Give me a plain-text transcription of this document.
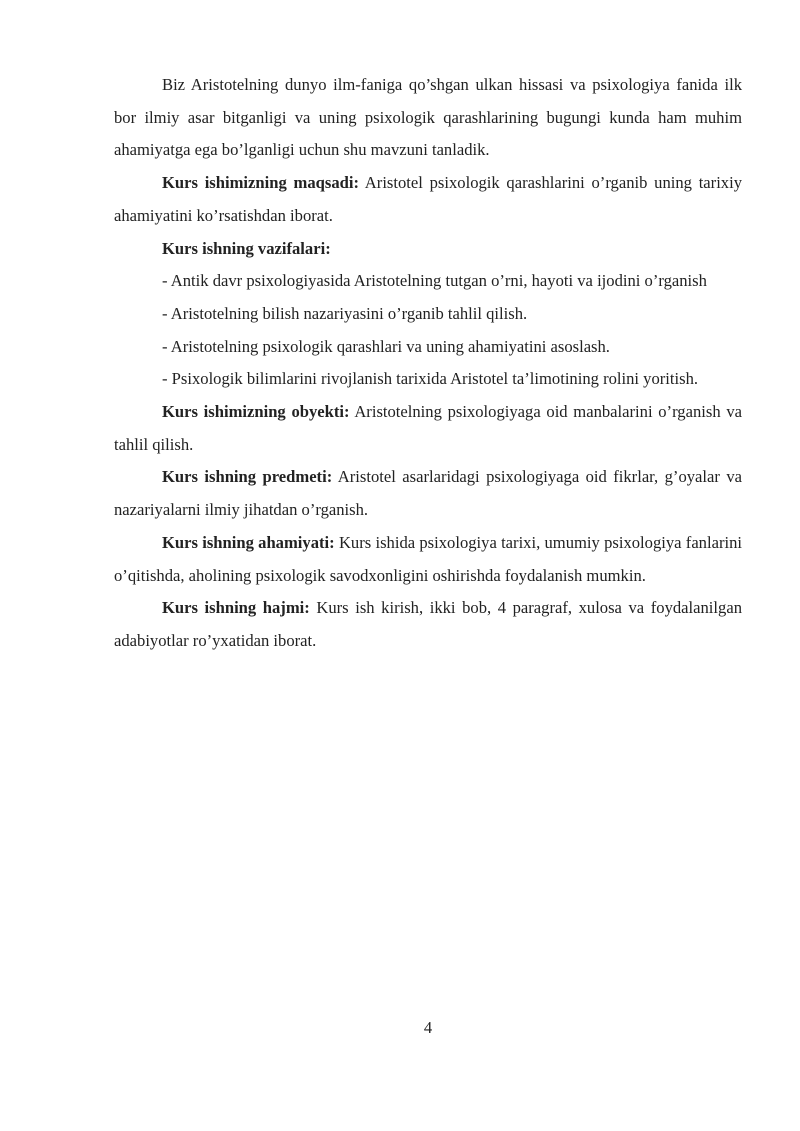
Biz Aristotelning dunyo ilm-faniga qo’shgan ulkan hissasi va psixologiya fanida ilk bor ilmiy asar bitganligi va uning psixologik qarashlarining bugungi kunda ham muhim ahamiyatga ega bo’lganligi uchun shu mavzuni tanladik.

Kurs ishimizning maqsadi: Aristotel psixologik qarashlarini o’rganib uning tarixiy ahamiyatini ko’rsatishdan iborat.

Kurs ishning vazifalari:

- Antik davr psixologiyasida Aristotelning tutgan o’rni, hayoti va ijodini o’rganish

- Aristotelning bilish nazariyasini o’rganib tahlil qilish.

- Aristotelning psixologik qarashlari va uning ahamiyatini asoslash.

- Psixologik bilimlarini rivojlanish tarixida Aristotel ta’limotining rolini yoritish.

Kurs ishimizning obyekti: Aristotelning psixologiyaga oid manbalarini o’rganish va tahlil qilish.

Kurs ishning predmeti: Aristotel asarlaridagi psixologiyaga oid fikrlar, g’oyalar va nazariyalarni ilmiy jihatdan o’rganish.

Kurs ishning ahamiyati: Kurs ishida psixologiya tarixi, umumiy psixologiya fanlarini o’qitishda, aholining psixologik savodxonligini oshirishda foydalanish mumkin.

Kurs ishning hajmi: Kurs ish kirish, ikki bob, 4 paragraf, xulosa va foydalanilgan adabiyotlar ro’yxatidan iborat.

4
